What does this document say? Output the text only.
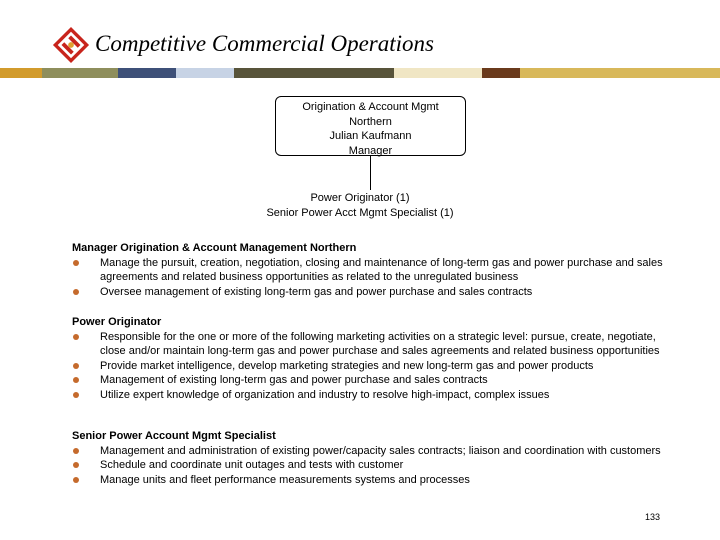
Competitive Commercial Operations
Origination & Account Mgmt
Northern
Julian Kaufmann
Manager
Power Originator (1)
Senior Power Acct Mgmt Specialist (1)
Manager Origination & Account Management Northern
Manage the pursuit, creation, negotiation, closing and maintenance of long-term gas and power purchase and sales agreements and related business opportunities as related to the unregulated business
Oversee management of existing long-term gas and power purchase and sales contracts
Power Originator
Responsible for the one or more of the following marketing activities on a strategic level: pursue, create, negotiate, close and/or maintain long-term gas and power purchase and sales agreements and related business opportunities
Provide market intelligence, develop marketing strategies and new long-term gas and power products
Management of existing long-term gas and power purchase and sales contracts
Utilize expert knowledge of organization and industry to resolve high-impact, complex issues
Senior Power Account Mgmt Specialist
Management and administration of existing power/capacity sales contracts; liaison and coordination with customers
Schedule and coordinate unit outages and tests with customer
Manage units and fleet performance measurements systems and processes
133
